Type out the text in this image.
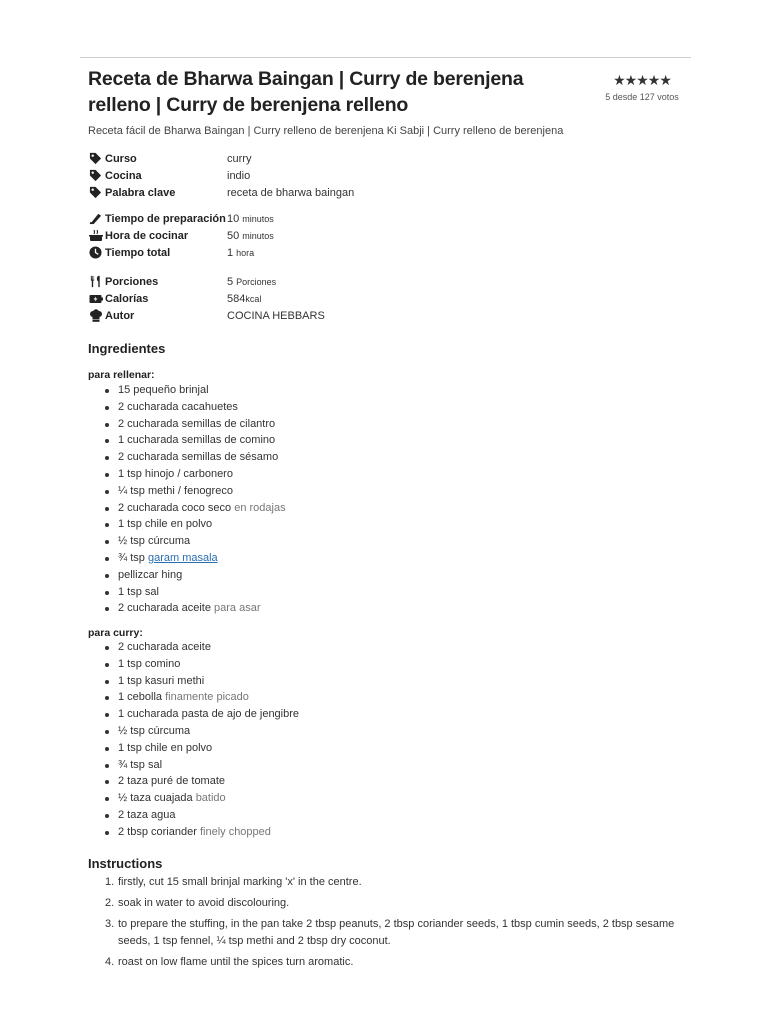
Receta de Bharwa Baingan | Curry de berenjena relleno | Curry de berenjena relleno
★★★★★
5 desde 127 votos
Receta fácil de Bharwa Baingan | Curry relleno de berenjena Ki Sabji | Curry relleno de berenjena
Curso	curry
Cocina	indio
Palabra clave	receta de bharwa baingan
Tiempo de preparación 10 minutos
Hora de cocinar	50 minutos
Tiempo total	1 hora
Porciones	5 Porciones
Calorías	584kcal
Autor	COCINA HEBBARS
Ingredientes
para rellenar:
15 pequeño brinjal
2 cucharada cacahuetes
2 cucharada semillas de cilantro
1 cucharada semillas de comino
2 cucharada semillas de sésamo
1 tsp hinojo / carbonero
¼ tsp methi / fenogreco
2 cucharada coco seco en rodajas
1 tsp chile en polvo
½ tsp cúrcuma
¾ tsp garam masala
pellizcar hing
1 tsp sal
2 cucharada aceite para asar
para curry:
2 cucharada aceite
1 tsp comino
1 tsp kasuri methi
1 cebolla finamente picado
1 cucharada pasta de ajo de jengibre
½ tsp cúrcuma
1 tsp chile en polvo
¾ tsp sal
2 taza puré de tomate
½ taza cuajada batido
2 taza agua
2 tbsp coriander finely chopped
Instructions
1. firstly, cut 15 small brinjal marking 'x' in the centre.
2. soak in water to avoid discolouring.
3. to prepare the stuffing, in the pan take 2 tbsp peanuts, 2 tbsp coriander seeds, 1 tbsp cumin seeds, 2 tbsp sesame seeds, 1 tsp fennel, ¼ tsp methi and 2 tbsp dry coconut.
4. roast on low flame until the spices turn aromatic.
